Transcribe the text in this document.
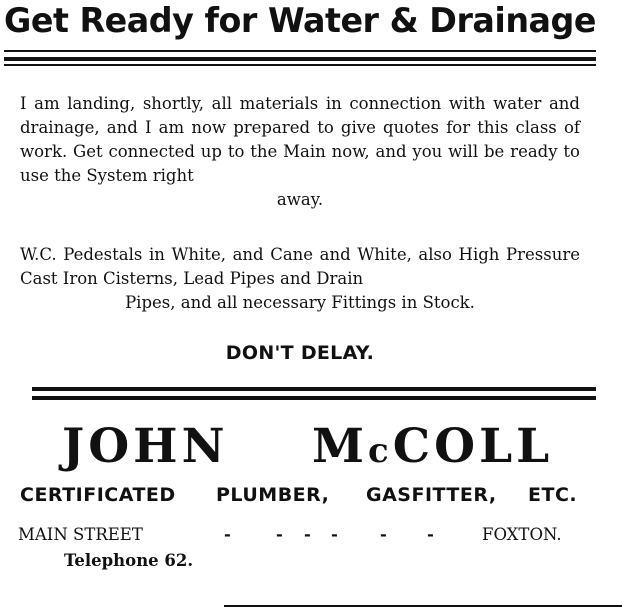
Get Ready for Water & Drainage
I am landing, shortly, all materials in connection with water and drainage, and I am now prepared to give quotes for this class of work. Get connected up to the Main now, and you will be ready to use the System right
away.
W.C. Pedestals in White, and Cane and White, also High Pressure Cast Iron Cisterns, Lead Pipes and Drain
Pipes, and all necessary Fittings in Stock.
DON'T DELAY.
JOHN McCOLL
CERTIFICATED PLUMBER, GASFITTER, ETC.
MAIN STREET	-	- - -	- -	FOXTON.
Telephone 62.
